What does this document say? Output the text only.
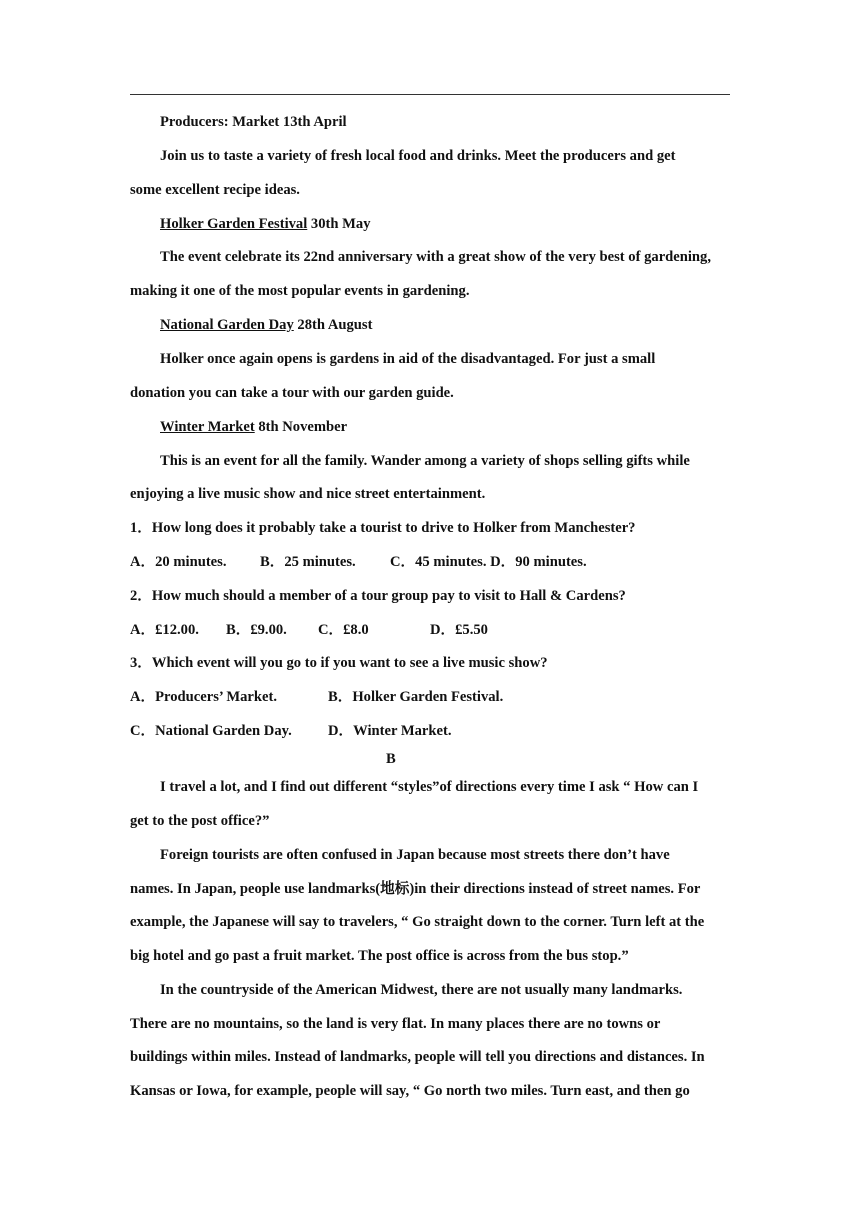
Producers: Market 13th April
Join us to taste a variety of fresh local food and drinks. Meet the producers and get
some excellent recipe ideas.
Holker Garden Festival 30th May
The event celebrate its 22nd anniversary with a great show of the very best of gardening,
making it one of the most popular events in gardening.
National Garden Day 28th August
Holker once again opens is gardens in aid of the disadvantaged. For just a small
donation you can take a tour with our garden guide.
Winter Market 8th November
This is an event for all the family. Wander among a variety of shops selling gifts while
enjoying a live music show and nice street entertainment.
1．How long does it probably take a tourist to drive to Holker from Manchester?
A．20 minutes. B．25 minutes. C．45 minutes. D．90 minutes.
2．How much should a member of a tour group pay to visit to Hall & Cardens?
A．£12.00. B．£9.00. C．£8.0	D．£5.50
3．Which event will you go to if you want to see a live music show?
A．Producers’ Market.	B．Holker Garden Festival.
C．National Garden Day. D．Winter Market.
B
I travel a lot, and I find out different “styles”of directions every time I ask “ How can I
get to the post office?”
Foreign tourists are often confused in Japan because most streets there don’t have
names. In Japan, people use landmarks(地标)in their directions instead of street names. For
example, the Japanese will say to travelers, “ Go straight down to the corner. Turn left at the
big hotel and go past a fruit market. The post office is across from the bus stop.”
In the countryside of the American Midwest, there are not usually many landmarks.
There are no mountains, so the land is very flat. In many places there are no towns or
buildings within miles. Instead of landmarks, people will tell you directions and distances. In
Kansas or Iowa, for example, people will say, “ Go north two miles. Turn east, and then go
